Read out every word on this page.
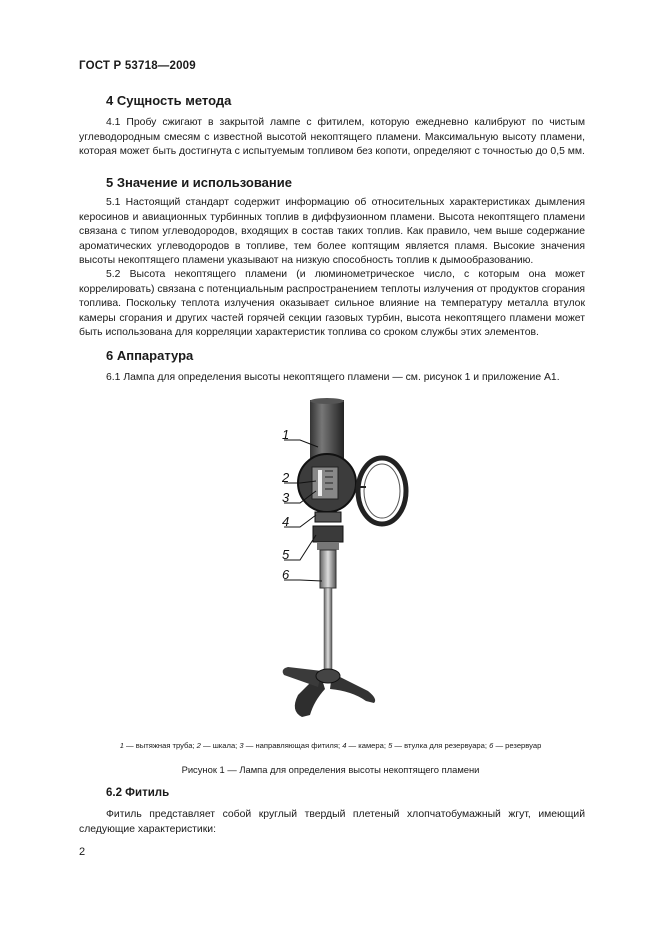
ГОСТ Р 53718—2009
4 Сущность метода

4.1 Пробу сжигают в закрытой лампе с фитилем, которую ежедневно калибруют по чистым углеводородным смесям с известной высотой некоптящего пламени. Максимальную высоту пламени, которая может быть достигнута с испытуемым топливом без копоти, определяют с точностью до 0,5 мм.

5 Значение и использование

5.1 Настоящий стандарт содержит информацию об относительных характеристиках дымления керосинов и авиационных турбинных топлив в диффузионном пламени. Высота некоптящего пламени связана с типом углеводородов, входящих в состав таких топлив. Как правило, чем выше содержание ароматических углеводородов в топливе, тем более коптящим является пламя. Высокие значения высоты некоптящего пламени указывают на низкую способность топлив к дымообразованию.

5.2 Высота некоптящего пламени (и люминометрическое число, с которым она может коррелировать) связана с потенциальным распространением теплоты излучения от продуктов сгорания топлива. Поскольку теплота излучения оказывает сильное влияние на температуру металла втулок камеры сгорания и других частей горячей секции газовых турбин, высота некоптящего пламени может быть использована для корреляции характеристик топлива со сроком службы этих элементов.

6 Аппаратура

6.1 Лампа для определения высоты некоптящего пламени — см. рисунок 1 и приложение А1.

1
2
3
4
5
6
1 — вытяжная труба; 2 — шкала; 3 — направляющая фитиля; 4 — камера; 5 — втулка для резервуара; 6 — резервуар
Рисунок 1 — Лампа для определения высоты некоптящего пламени
6.2 Фитиль

Фитиль представляет собой круглый твердый плетеный хлопчатобумажный жгут, имеющий следующие характеристики:

2
